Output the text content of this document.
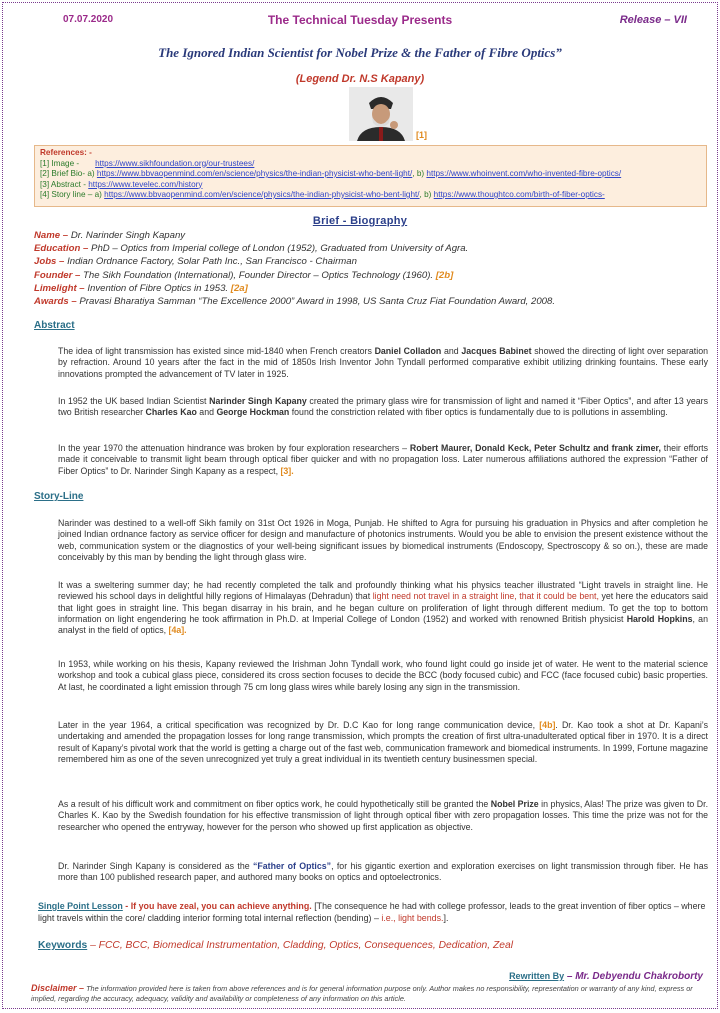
07.07.2020	The Technical Tuesday Presents	Release – VII
The Ignored Indian Scientist for Nobel Prize & the Father of Fibre Optics”
(Legend Dr. N.S Kapany)
[1]
References: -
[1] Image - https://www.sikhfoundation.org/our-trustees/
[2] Brief Bio- a) https://www.bbvaopenmind.com/en/science/physics/the-indian-physicist-who-bent-light/, b) https://www.whoinvent.com/who-invented-fibre-optics/
[3] Abstract - https://www.tevelec.com/history
[4] Story line – a) https://www.bbvaopenmind.com/en/science/physics/the-indian-physicist-who-bent-light/, b) https://www.thoughtco.com/birth-of-fiber-optics-
Brief - Biography
Name – Dr. Narinder Singh Kapany
Education – PhD – Optics from Imperial college of London (1952), Graduated from University of Agra.
Jobs – Indian Ordnance Factory, Solar Path Inc., San Francisco - Chairman
Founder – The Sikh Foundation (International), Founder Director – Optics Technology (1960). [2b]
Limelight – Invention of Fibre Optics in 1953. [2a]
Awards – Pravasi Bharatiya Samman “The Excellence 2000” Award in 1998, US Santa Cruz Fiat Foundation Award, 2008.
Abstract
The idea of light transmission has existed since mid-1840 when French creators Daniel Colladon and Jacques Babinet showed the directing of light over separation by refraction. Around 10 years after the fact in the mid of 1850s Irish Inventor John Tyndall performed comparative exhibit utilizing drinking fountains. These early innovations prompted the advancement of TV later in 1925.
In 1952 the UK based Indian Scientist Narinder Singh Kapany created the primary glass wire for transmission of light and named it “Fiber Optics”, and after 13 years two British researcher Charles Kao and George Hockman found the constriction related with fiber optics is fundamentally due to is pollutions in assembling.
In the year 1970 the attenuation hindrance was broken by four exploration researchers – Robert Maurer, Donald Keck, Peter Schultz and frank zimer, their efforts made it conceivable to transmit light beam through optical fiber quicker and with no propagation loss. Later numerous affiliations authored the expression “Father of Fiber Optics” to Dr. Narinder Singh Kapany as a respect, [3].
Story-Line
Narinder was destined to a well-off Sikh family on 31st Oct 1926 in Moga, Punjab. He shifted to Agra for pursuing his graduation in Physics and after completion he joined Indian ordnance factory as service officer for design and manufacture of photonics instruments. Would you be able to envision the present existence without the web, communication system or the diagnostics of your well-being significant issues by biomedical instruments (Endoscopy, Spectroscopy & so on.), these are made conceivably by this man by bending the light through glass wire.
It was a sweltering summer day; he had recently completed the talk and profoundly thinking what his physics teacher illustrated “Light travels in straight line. He reviewed his school days in delightful hilly regions of Himalayas (Dehradun) that light need not travel in a straight line, that it could be bent, yet here the educators said that light goes in straight line. This began disarray in his brain, and he began culture on proliferation of light through different medium. To get the top to bottom information on light engendering he took affirmation in Ph.D. at Imperial College of London (1952) and worked with renowned British physicist Harold Hopkins, an analyst in the field of optics, [4a].
In 1953, while working on his thesis, Kapany reviewed the Irishman John Tyndall work, who found light could go inside jet of water. He went to the material science workshop and took a cubical glass piece, considered its cross section focuses to decide the BCC (body focused cubic) and FCC (face focused cubic) basic properties. At last, he coordinated a light emission through 75 cm long glass wires while barely losing any sign in the transmission.
Later in the year 1964, a critical specification was recognized by Dr. D.C Kao for long range communication device, [4b]. Dr. Kao took a shot at Dr. Kapani’s undertaking and amended the propagation losses for long range transmission, which prompts the creation of first ultra-unadulterated optical fiber in 1970. It is a direct result of Kapany’s pivotal work that the world is getting a charge out of the fast web, communication framework and biomedical instruments. In 1999, Fortune magazine remembered him as one of the seven unrecognized yet truly a great individual in its twentieth century businessmen special.
As a result of his difficult work and commitment on fiber optics work, he could hypothetically still be granted the Nobel Prize in physics, Alas! The prize was given to Dr. Charles K. Kao by the Swedish foundation for his effective transmission of light through optical fiber with zero propagation losses. This time the prize was not for the researcher who opened the entryway, however for the person who showed up first application as objective.
Dr. Narinder Singh Kapany is considered as the “Father of Optics”, for his gigantic exertion and exploration exercises on light transmission through fiber. He has more than 100 published research paper, and authored many books on optics and optoelectronics.
Single Point Lesson - If you have zeal, you can achieve anything. [The consequence he had with college professor, leads to the great invention of fiber optics – where light travels within the core/ cladding interior forming total internal reflection (bending) – i.e., light bends.].
Keywords – FCC, BCC, Biomedical Instrumentation, Cladding, Optics, Consequences, Dedication, Zeal
Rewritten By – Mr. Debyendu Chakroborty
Disclaimer – The information provided here is taken from above references and is for general information purpose only. Author makes no responsibility, representation or warranty of any kind, express or implied, regarding the accuracy, adequacy, validity and availability or completeness of any information on this article.
